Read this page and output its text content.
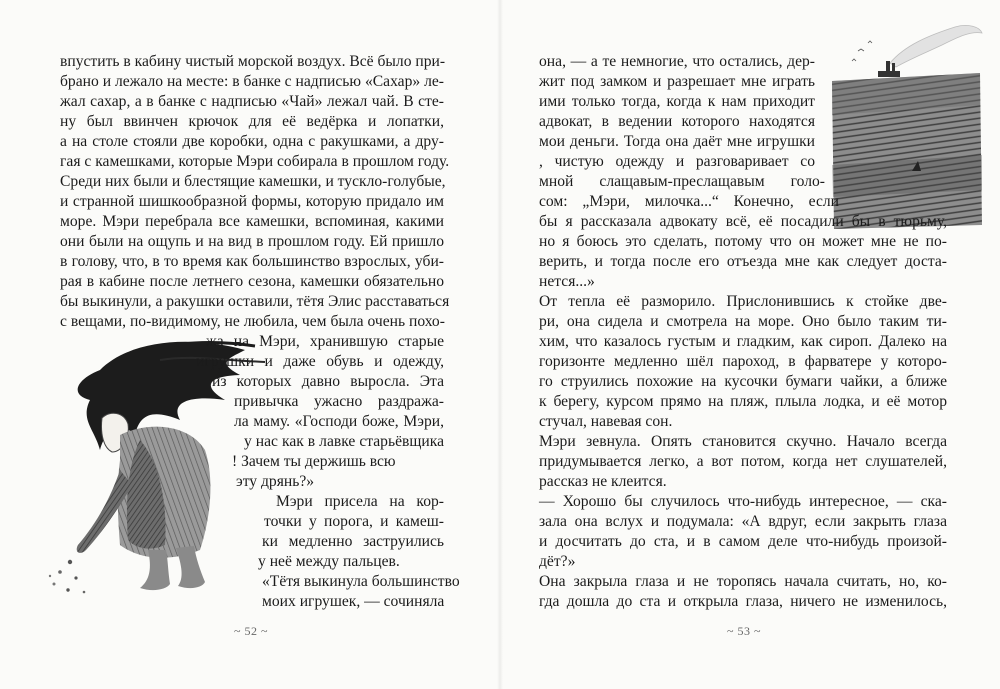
впустить в кабину чистый морской воздух. Всё было при-
брано и лежало на месте: в банке с надписью «Сахар» ле-
жал сахар, а в банке с надписью «Чай» лежал чай. В сте-
ну был ввинчен крючок для её ведёрка и лопатки,
а на столе стояли две коробки, одна с ракушками, а дру-
гая с камешками, которые Мэри собирала в прошлом году.
Среди них были и блестящие камешки, и тускло-голубые,
и странной шишкообразной формы, которую придало им
море. Мэри перебрала все камешки, вспоминая, какими
они были на ощупь и на вид в прошлом году. Ей пришло
в голову, что, в то время как большинство взрослых, уби-
рая в кабине после летнего сезона, камешки обязательно
бы выкинули, а ракушки оставили, тётя Элис расставаться
с вещами, по-видимому, не любила, чем была очень похо-
жа на Мэри, хранившую старые
игрушки и даже обувь и одежду,
из которых давно выросла. Эта
привычка ужасно раздража-
ла маму. «Господи боже, Мэри,
у нас как в лавке старьёвщика
! Зачем ты держишь всю
эту дрянь?»
Мэри присела на кор-
точки у порога, и камеш-
ки медленно заструились
у неё между пальцев.
«Тётя выкинула большинство
моих игрушек, — сочиняла
~ 52 ~
она, — а те немногие, что остались, дер-
жит под замком и разрешает мне играть
ими только тогда, когда к нам приходит
адвокат, в ведении которого находятся
мои деньги. Тогда она даёт мне игрушки
, чистую одежду и разговаривает со
мной слащавым-преслащавым голо-
сом: „Мэри, милочка...“ Конечно, если
бы я рассказала адвокату всё, её посадили бы в тюрьму,
но я боюсь это сделать, потому что он может мне не по-
верить, и тогда после его отъезда мне как следует доста-
нется...»
От тепла её разморило. Прислонившись к стойке две-
ри, она сидела и смотрела на море. Оно было таким ти-
хим, что казалось густым и гладким, как сироп. Далеко на
горизонте медленно шёл пароход, в фарватере у которо-
го струились похожие на кусочки бумаги чайки, а ближе
к берегу, курсом прямо на пляж, плыла лодка, и её мотор
стучал, навевая сон.
Мэри зевнула. Опять становится скучно. Начало всегда
придумывается легко, а вот потом, когда нет слушателей,
рассказ не клеится.
— Хорошо бы случилось что-нибудь интересное, — ска-
зала она вслух и подумала: «А вдруг, если закрыть глаза
и досчитать до ста, и в самом деле что-нибудь произой-
дёт?»
Она закрыла глаза и не торопясь начала считать, но, ко-
гда дошла до ста и открыла глаза, ничего не изменилось,
~ 53 ~
